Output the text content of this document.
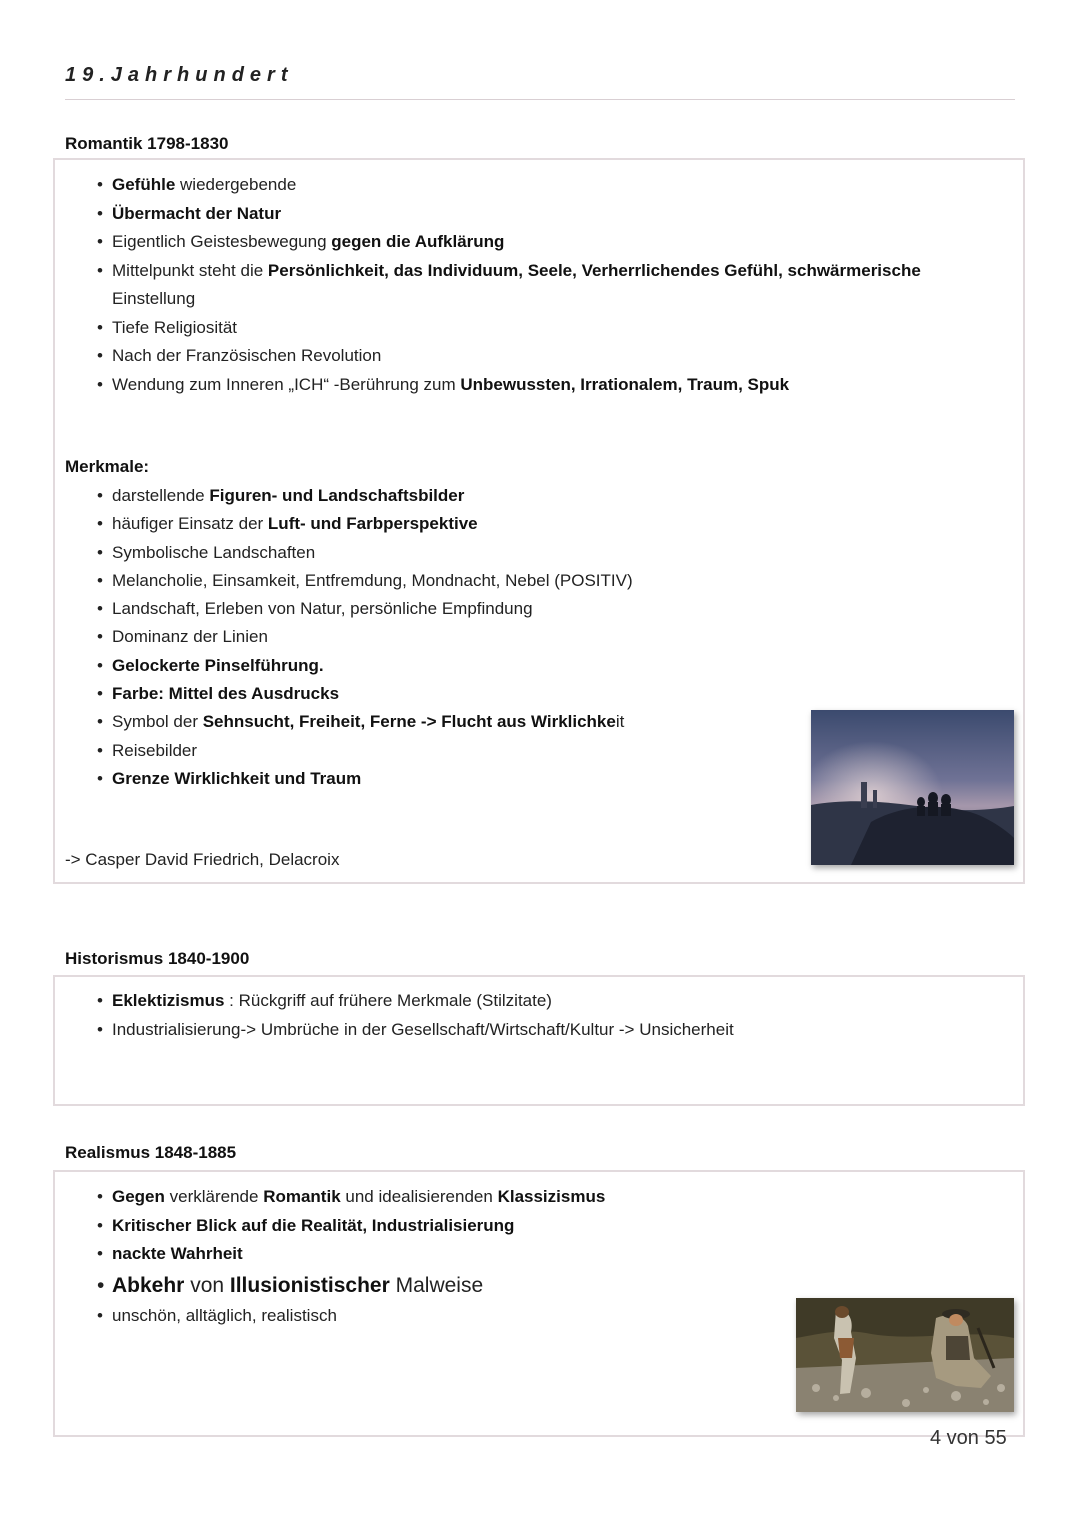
19.Jahrhundert
Romantik 1798-1830
• Gefühle wiedergebende
• Übermacht der Natur
• Eigentlich Geistesbewegung gegen die Aufklärung
• Mittelpunkt steht die Persönlichkeit, das Individuum, Seele, Verherrlichendes Gefühl, schwärmerische Einstellung
• Tiefe Religiosität
• Nach der Französischen Revolution
• Wendung zum Inneren „ICH“ -Berührung zum Unbewussten, Irrationalem, Traum, Spuk
Merkmale:
• darstellende Figuren- und Landschaftsbilder
• häufiger Einsatz der Luft- und Farbperspektive
• Symbolische Landschaften
• Melancholie, Einsamkeit, Entfremdung, Mondnacht, Nebel (POSITIV)
• Landschaft, Erleben von Natur, persönliche Empfindung
• Dominanz der Linien
• Gelockerte Pinselführung.
• Farbe: Mittel des Ausdrucks
• Symbol der Sehnsucht, Freiheit, Ferne -> Flucht aus Wirklichkeit
• Reisebilder
• Grenze Wirklichkeit und Traum
-> Casper David Friedrich, Delacroix
Historismus 1840-1900
• Eklektizismus : Rückgriff auf frühere Merkmale (Stilzitate)
• Industrialisierung-> Umbrüche in der Gesellschaft/Wirtschaft/Kultur -> Unsicherheit
Realismus 1848-1885
• Gegen verklärende Romantik und idealisierenden Klassizismus
• Kritischer Blick auf die Realität, Industrialisierung
• nackte Wahrheit
• Abkehr von Illusionistischer Malweise
• unschön, alltäglich, realistisch
4 von 55
